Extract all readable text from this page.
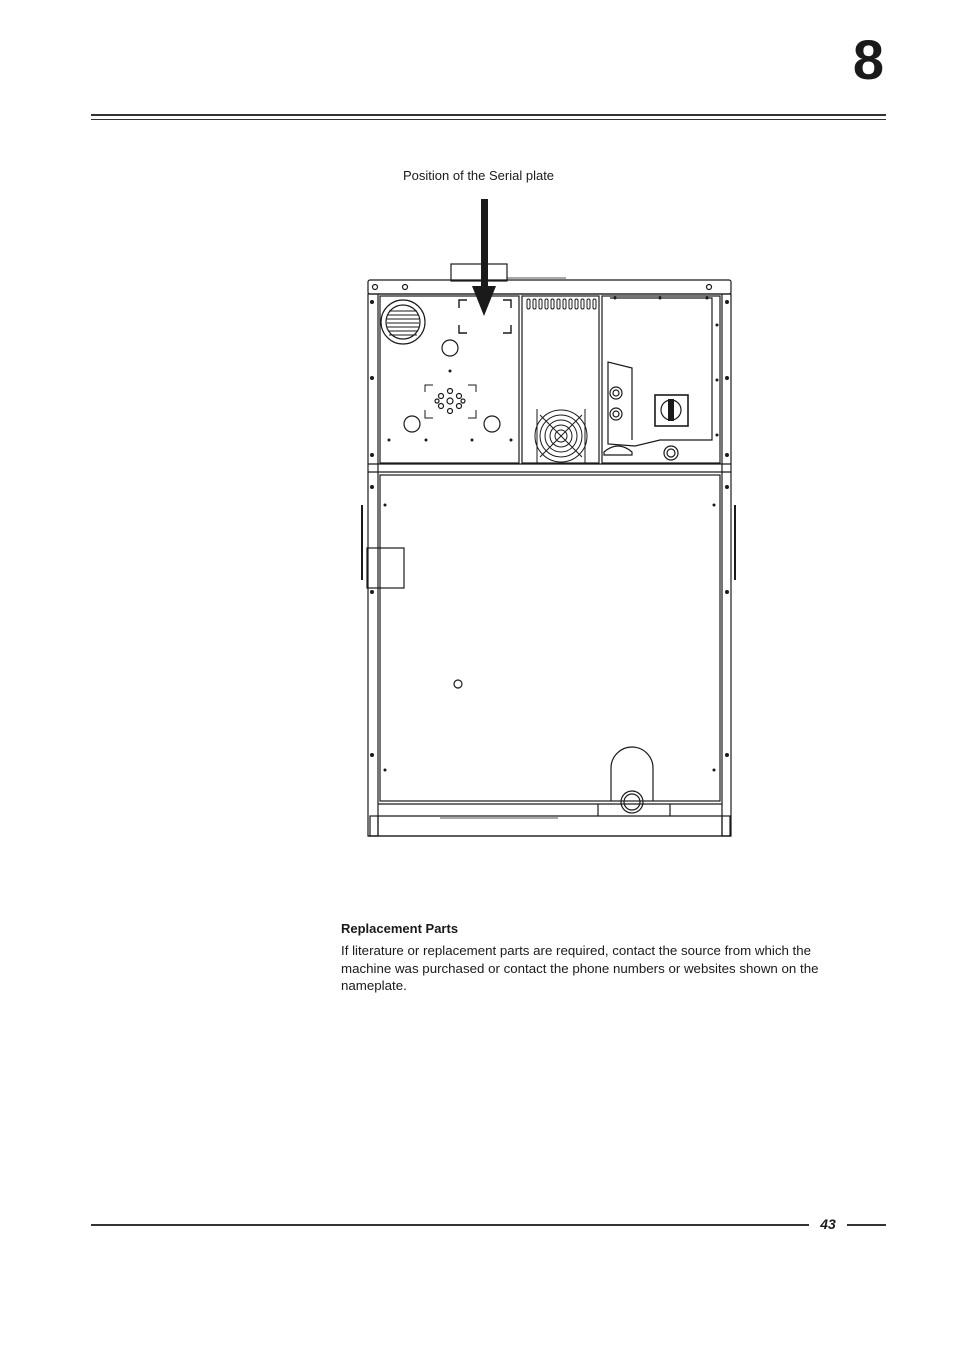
8
Position of the Serial plate
Replacement Parts

If literature or replacement parts are required, contact the source from which the machine was purchased or contact the phone numbers or websites shown on the nameplate.

43
